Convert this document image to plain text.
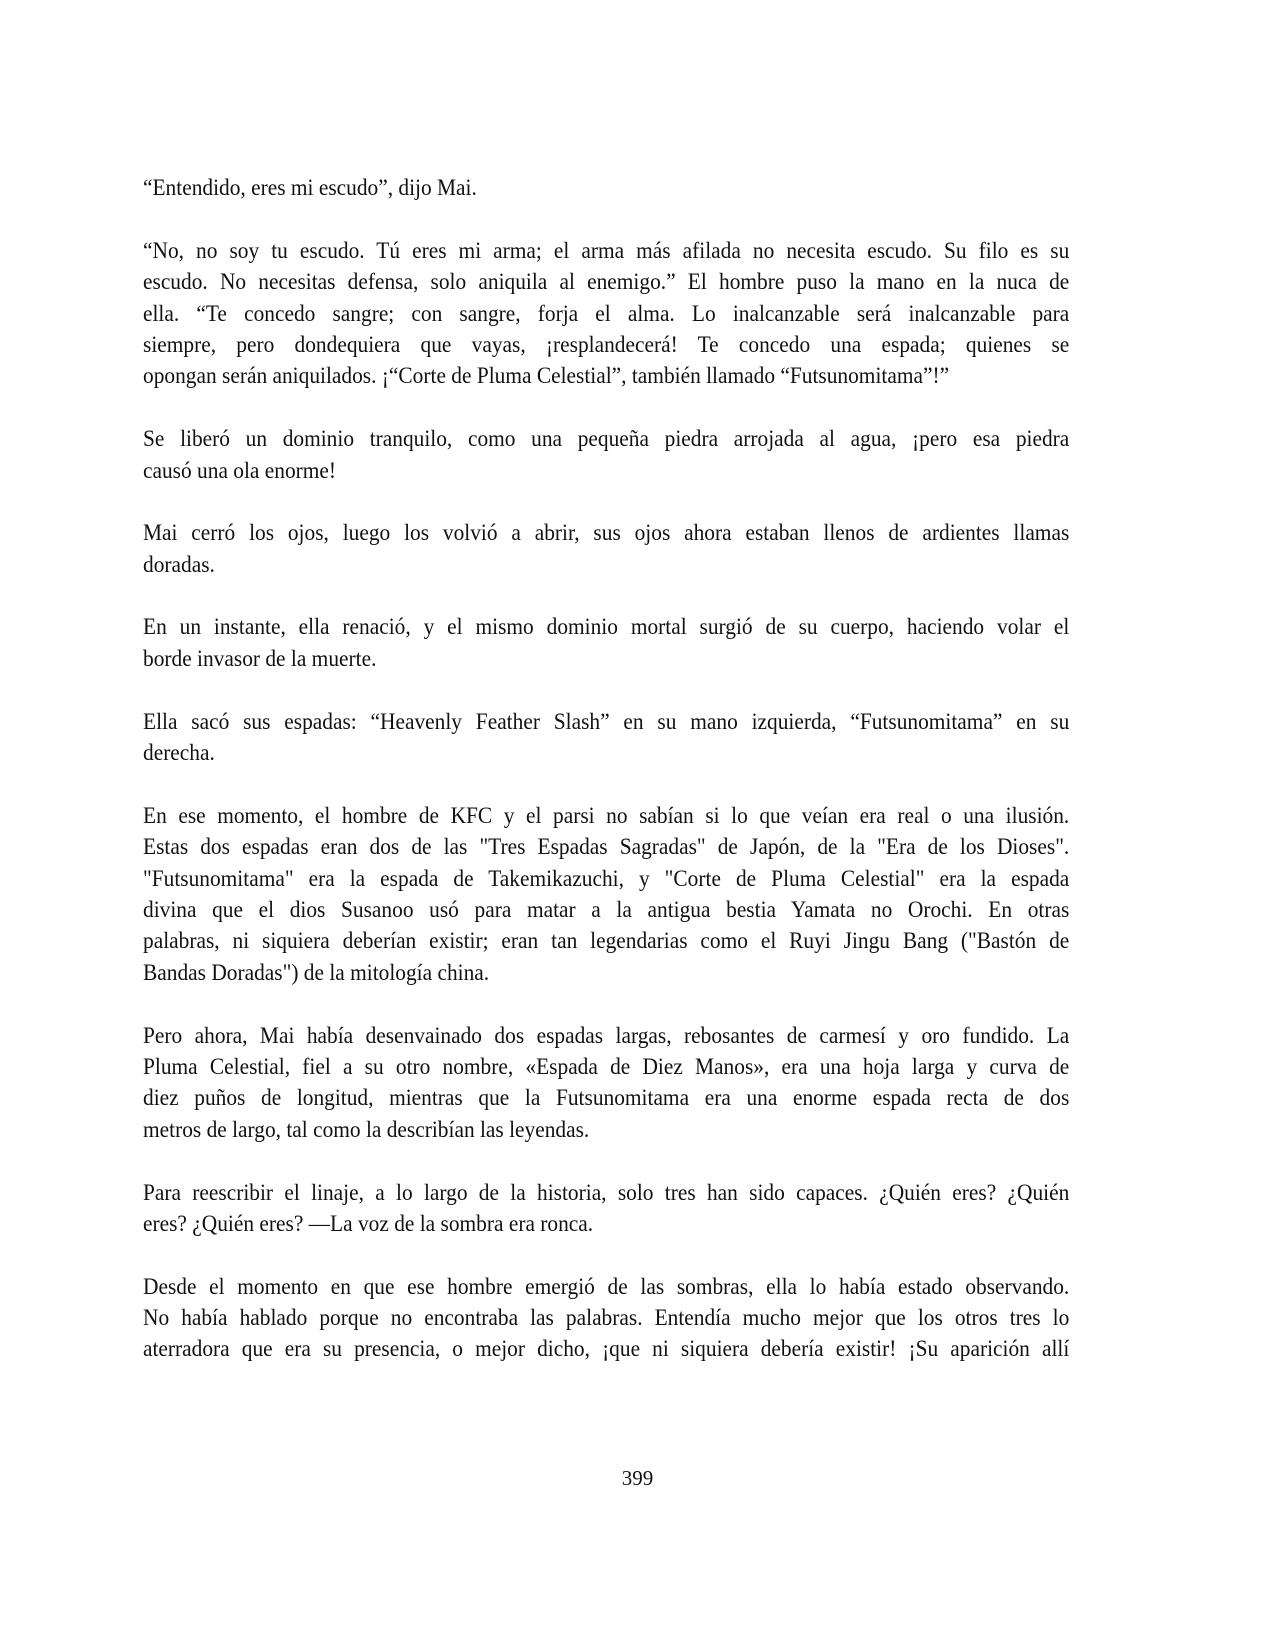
“Entendido, eres mi escudo”, dijo Mai.
“No, no soy tu escudo. Tú eres mi arma; el arma más afilada no necesita escudo. Su filo es su
escudo. No necesitas defensa, solo aniquila al enemigo.” El hombre puso la mano en la nuca de
ella. “Te concedo sangre; con sangre, forja el alma. Lo inalcanzable será inalcanzable para
siempre, pero dondequiera que vayas, ¡resplandecerá! Te concedo una espada; quienes se
opongan serán aniquilados. ¡“Corte de Pluma Celestial”, también llamado “Futsunomitama”!”
Se liberó un dominio tranquilo, como una pequeña piedra arrojada al agua, ¡pero esa piedra
causó una ola enorme!
Mai cerró los ojos, luego los volvió a abrir, sus ojos ahora estaban llenos de ardientes llamas
doradas.
En un instante, ella renació, y el mismo dominio mortal surgió de su cuerpo, haciendo volar el
borde invasor de la muerte.
Ella sacó sus espadas: “Heavenly Feather Slash” en su mano izquierda, “Futsunomitama” en su
derecha.
En ese momento, el hombre de KFC y el parsi no sabían si lo que veían era real o una ilusión.
Estas dos espadas eran dos de las "Tres Espadas Sagradas" de Japón, de la "Era de los Dioses".
"Futsunomitama" era la espada de Takemikazuchi, y "Corte de Pluma Celestial" era la espada
divina que el dios Susanoo usó para matar a la antigua bestia Yamata no Orochi. En otras
palabras, ni siquiera deberían existir; eran tan legendarias como el Ruyi Jingu Bang ("Bastón de
Bandas Doradas") de la mitología china.
Pero ahora, Mai había desenvainado dos espadas largas, rebosantes de carmesí y oro fundido. La
Pluma Celestial, fiel a su otro nombre, «Espada de Diez Manos», era una hoja larga y curva de
diez puños de longitud, mientras que la Futsunomitama era una enorme espada recta de dos
metros de largo, tal como la describían las leyendas.
Para reescribir el linaje, a lo largo de la historia, solo tres han sido capaces. ¿Quién eres? ¿Quién
eres? ¿Quién eres? —La voz de la sombra era ronca.
Desde el momento en que ese hombre emergió de las sombras, ella lo había estado observando.
No había hablado porque no encontraba las palabras. Entendía mucho mejor que los otros tres lo
aterradora que era su presencia, o mejor dicho, ¡que ni siquiera debería existir! ¡Su aparición allí
399
